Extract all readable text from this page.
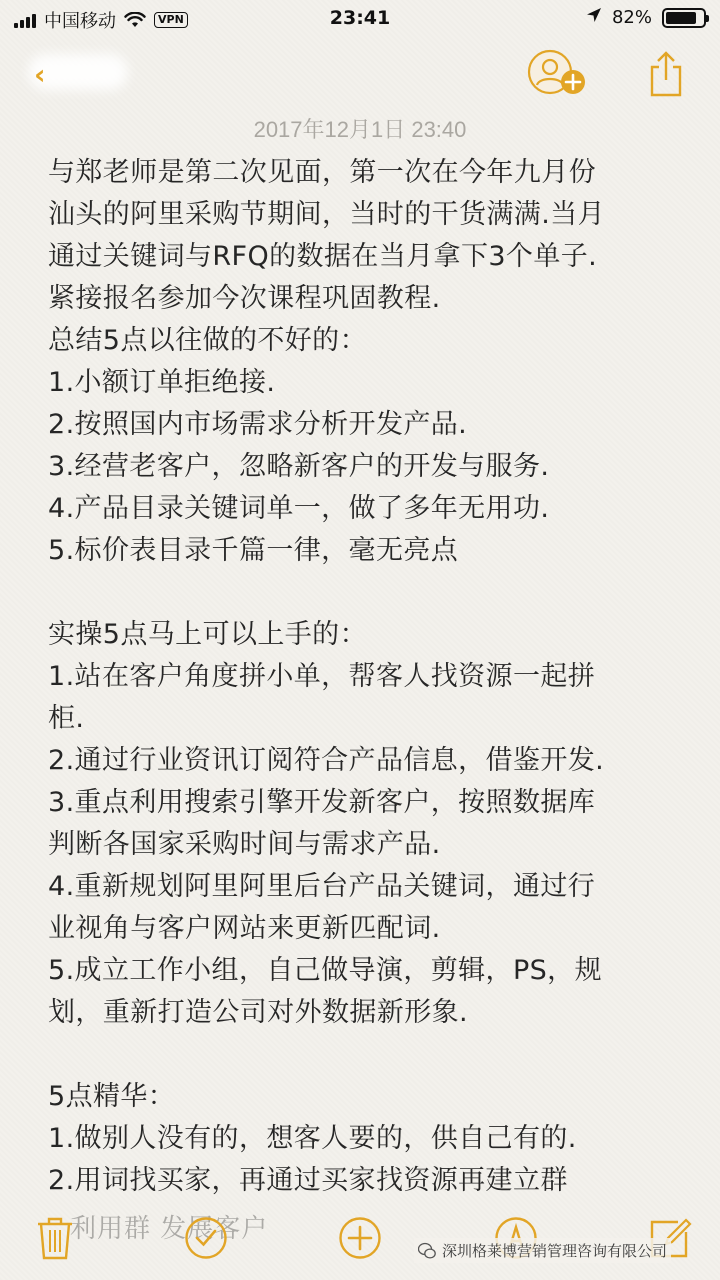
中国移动	VPN	23:41	82%
‹
2017年12月1日 23:40

与郑老师是第二次见面，第一次在今年九月份

汕头的阿里采购节期间，当时的干货满满.当月

通过关键词与RFQ的数据在当月拿下3个单子.

紧接报名参加今次课程巩固教程.

总结5点以往做的不好的：

1.小额订单拒绝接.

2.按照国内市场需求分析开发产品.

3.经营老客户，忽略新客户的开发与服务.

4.产品目录关键词单一，做了多年无用功.

5.标价表目录千篇一律，毫无亮点

实操5点马上可以上手的：

1.站在客户角度拼小单，帮客人找资源一起拼

柜.

2.通过行业资讯订阅符合产品信息，借鉴开发.

3.重点利用搜索引擎开发新客户，按照数据库

判断各国家采购时间与需求产品.

4.重新规划阿里阿里后台产品关键词，通过行

业视角与客户网站来更新匹配词.

5.成立工作小组，自己做导演，剪辑，PS，规

划，重新打造公司对外数据新形象.

5点精华：

1.做别人没有的，想客人要的，供自己有的.

2.用词找买家，再通过买家找资源再建立群

利用群 发展客户
深圳格莱博营销管理咨询有限公司
